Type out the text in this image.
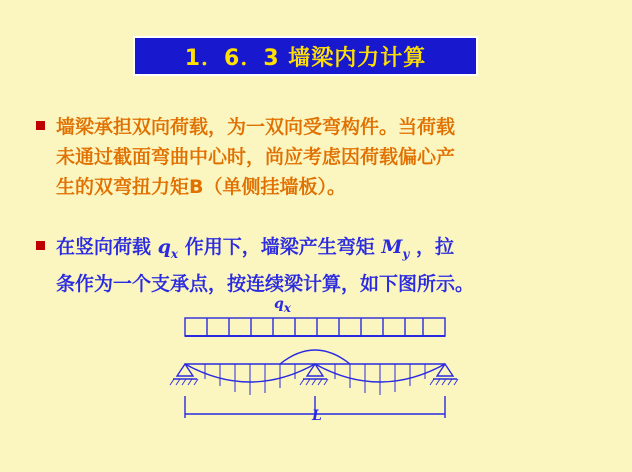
1．6．3 墙梁内力计算
墙梁承担双向荷载，为一双向受弯构件。当荷载
未通过截面弯曲中心时，尚应考虑因荷载偏心产
生的双弯扭力矩B（单侧挂墙板）。
在竖向荷载 $q_x$ 作用下，墙梁产生弯矩 $M_y$ ，拉
条作为一个支承点，按连续梁计算，如下图所示。
qx
L
